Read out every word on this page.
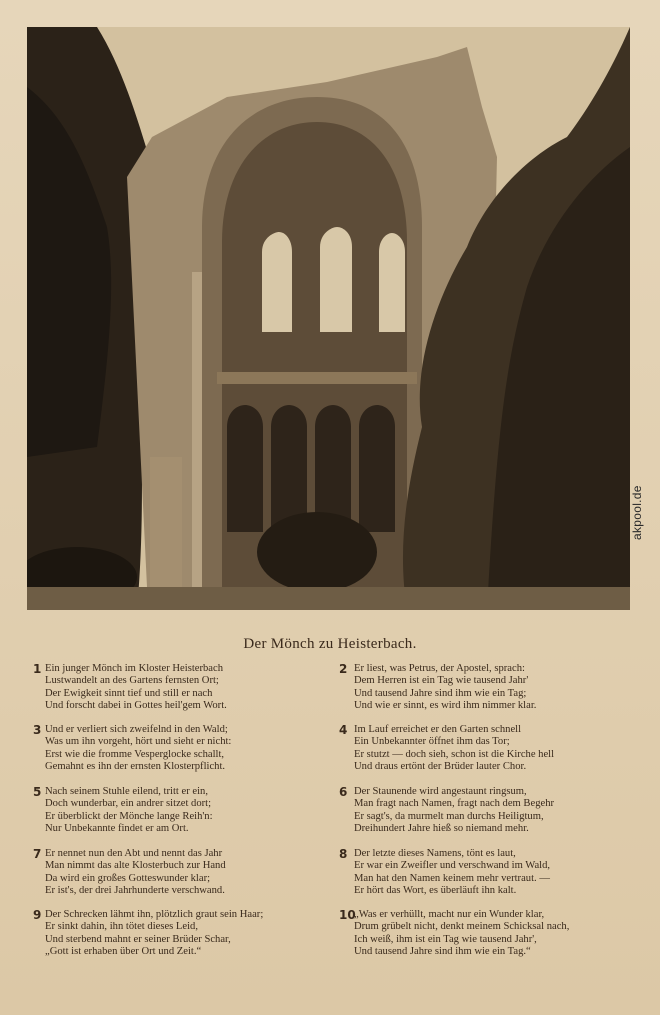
akpool.de
Der Mönch zu Heisterbach.
1 Ein junger Mönch im Kloster Heisterbach
Lustwandelt an des Gartens fernsten Ort;
Der Ewigkeit sinnt tief und still er nach
Und forscht dabei in Gottes heil'gem Wort.
2 Er liest, was Petrus, der Apostel, sprach:
Dem Herren ist ein Tag wie tausend Jahr'
Und tausend Jahre sind ihm wie ein Tag;
Und wie er sinnt, es wird ihm nimmer klar.
3 Und er verliert sich zweifelnd in den Wald;
Was um ihn vorgeht, hört und sieht er nicht:
Erst wie die fromme Vesperglocke schallt,
Gemahnt es ihn der ernsten Klosterpflicht.
4 Im Lauf erreichet er den Garten schnell
Ein Unbekannter öffnet ihm das Tor;
Er stutzt — doch sieh, schon ist die Kirche hell
Und draus ertönt der Brüder lauter Chor.
5 Nach seinem Stuhle eilend, tritt er ein,
Doch wunderbar, ein andrer sitzet dort;
Er überblickt der Mönche lange Reih'n:
Nur Unbekannte findet er am Ort.
6 Der Staunende wird angestaunt ringsum,
Man fragt nach Namen, fragt nach dem Begehr
Er sagt's, da murmelt man durchs Heiligtum,
Dreihundert Jahre hieß so niemand mehr.
7 Er nennet nun den Abt und nennt das Jahr
Man nimmt das alte Klosterbuch zur Hand
Da wird ein großes Gotteswunder klar;
Er ist's, der drei Jahrhunderte verschwand.
8 Der letzte dieses Namens, tönt es laut,
Er war ein Zweifler und verschwand im Wald,
Man hat den Namen keinem mehr vertraut. —
Er hört das Wort, es überläuft ihn kalt.
9 Der Schrecken lähmt ihn, plötzlich graut sein Haar;
Er sinkt dahin, ihn tötet dieses Leid,
Und sterbend mahnt er seiner Brüder Schar,
„Gott ist erhaben über Ort und Zeit.“
10
„Was er verhüllt, macht nur ein Wunder klar,
Drum grübelt nicht, denkt meinem Schicksal nach,
Ich weiß, ihm ist ein Tag wie tausend Jahr',
Und tausend Jahre sind ihm wie ein Tag.“
